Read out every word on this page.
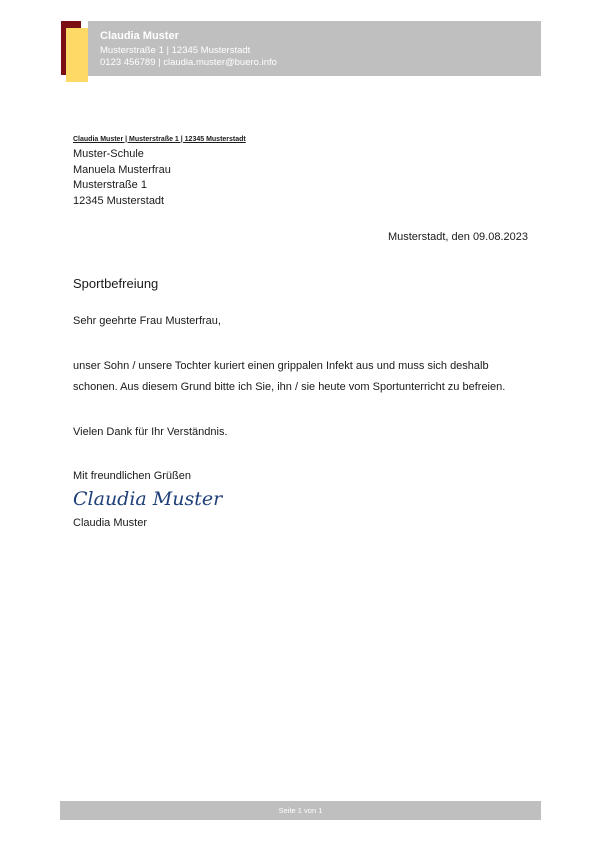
Claudia Muster
Musterstraße 1 | 12345 Musterstadt
0123 456789 | claudia.muster@buero.info
Claudia Muster | Musterstraße 1 | 12345 Musterstadt
Muster-Schule
Manuela Musterfrau
Musterstraße 1
12345 Musterstadt
Musterstadt, den 09.08.2023
Sportbefreiung
Sehr geehrte Frau Musterfrau,
unser Sohn / unsere Tochter kuriert einen grippalen Infekt aus und muss sich deshalb
schonen. Aus diesem Grund bitte ich Sie, ihn / sie heute vom Sportunterricht zu befreien.
Vielen Dank für Ihr Verständnis.
Mit freundlichen Grüßen
Claudia Muster
Claudia Muster
Seite 1 von 1
